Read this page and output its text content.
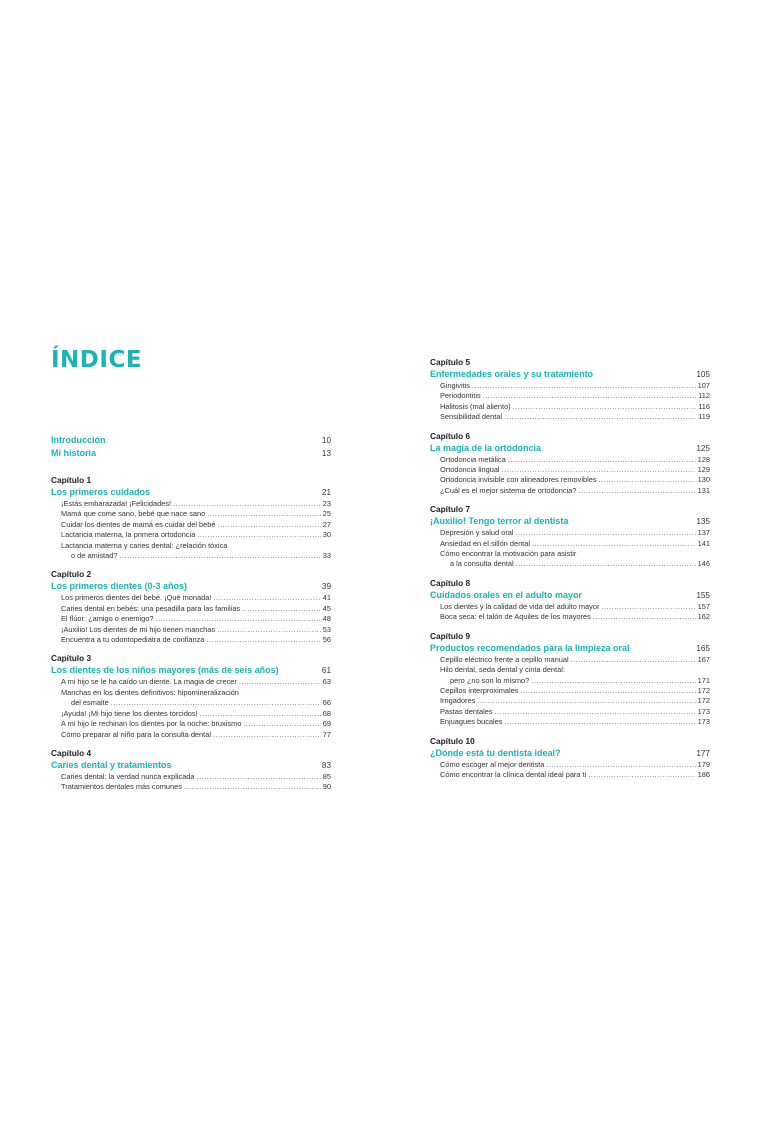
ÍNDICE
Introducción	10
Mi historia	13
Capítulo 1
Los primeros cuidados	21
¡Estás embarazada! ¡Felicidades! .....	23
Mamá que come sano, bebé que nace sano .....	25
Cuidar los dientes de mamá es cuidar del bebé .....	27
Lactancia materna, la primera ortodoncia .....	30
Lactancia materna y caries dental: ¿relación tóxica
o de amistad? .....	33
Capítulo 2
Los primeros dientes (0-3 años)	39
Los primeros dientes del bebé. ¡Qué monada! .....	41
Caries dental en bebés: una pesadilla para las familias .....	45
El flúor: ¿amigo o enemigo? .....	48
¡Auxilio! Los dientes de mi hijo tienen manchas .....	53
Encuentra a tu odontopediatra de confianza .....	56
Capítulo 3
Los dientes de los niños mayores (más de seis años)	61
A mi hijo se le ha caído un diente. La magia de crecer .....	63
Manchas en los dientes definitivos: hipomineralización
del esmalte .....	66
¡Ayuda! ¡Mi hijo tiene los dientes torcidos! .....	68
A mi hijo le rechinan los dientes por la noche: bruxismo .....	69
Cómo preparar al niño para la consulta dental .....	77
Capítulo 4
Caries dental y tratamientos	83
Caries dental: la verdad nunca explicada .....	85
Tratamientos dentales más comunes .....	90
Capítulo 5
Enfermedades orales y su tratamiento	105
Gingivitis .....	107
Periodontitis .....	112
Halitosis (mal aliento) .....	116
Sensibilidad dental .....	119
Capítulo 6
La magia de la ortodoncia	125
Ortodoncia metálica .....	128
Ortodoncia lingual .....	129
Ortodoncia invisible con alineadores removibles .....	130
¿Cuál es el mejor sistema de ortodoncia? .....	131
Capítulo 7
¡Auxilio! Tengo terror al dentista	135
Depresión y salud oral .....	137
Ansiedad en el sillón dental .....	141
Cómo encontrar la motivación para asistir
a la consulta dental .....	146
Capítulo 8
Cuidados orales en el adulto mayor	155
Los dientes y la calidad de vida del adulto mayor .....	157
Boca seca: el talón de Aquiles de los mayores .....	162
Capítulo 9
Productos recomendados para la limpieza oral	165
Cepillo eléctrico frente a cepillo manual .....	167
Hilo dental, seda dental y cinta dental:
pero ¿no son lo mismo? .....	171
Cepillos interproximales .....	172
Irrigadores .....	172
Pastas dentales .....	173
Enjuagues bucales .....	173
Capítulo 10
¿Dónde está tu dentista ideal?	177
Cómo escoger al mejor dentista .....	179
Cómo encontrar la clínica dental ideal para ti .....	186
